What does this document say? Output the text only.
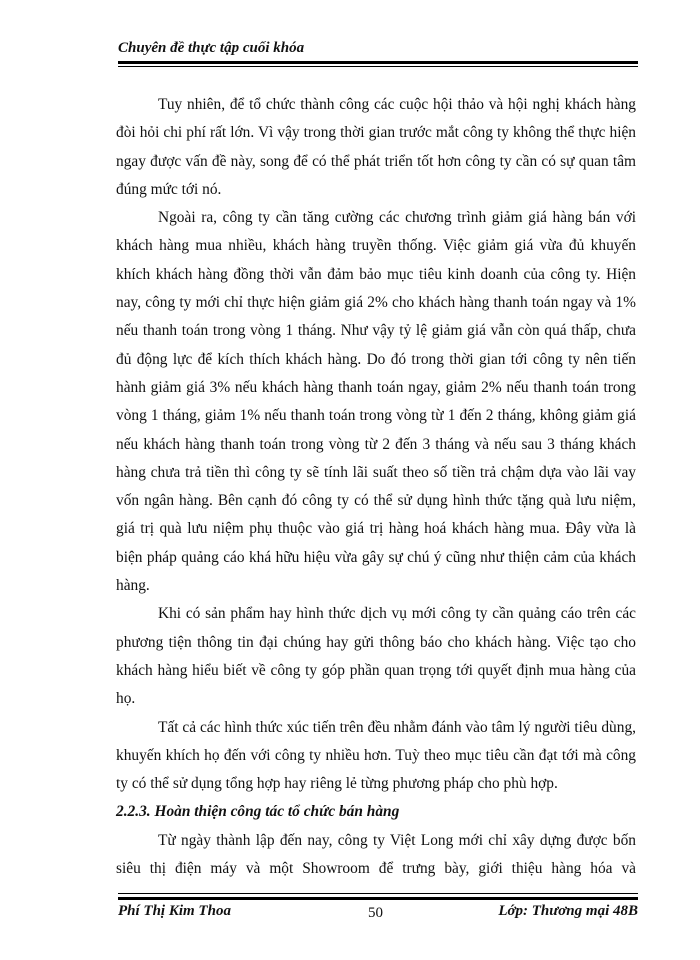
Chuyên đề thực tập cuối khóa

Tuy nhiên, để tổ chức thành công các cuộc hội thảo và hội nghị khách hàng đòi hỏi chi phí rất lớn. Vì vậy trong thời gian trước mắt công ty không thể thực hiện ngay được vấn đề này, song để có thể phát triển tốt hơn công ty cần có sự quan tâm đúng mức tới nó.

Ngoài ra, công ty cần tăng cường các chương trình giảm giá hàng bán với khách hàng mua nhiều, khách hàng truyền thống. Việc giảm giá vừa đủ khuyến khích khách hàng đồng thời vẫn đảm bảo mục tiêu kinh doanh của công ty. Hiện nay, công ty mới chỉ thực hiện giảm giá 2% cho khách hàng thanh toán ngay và 1% nếu thanh toán trong vòng 1 tháng. Như vậy tỷ lệ giảm giá vẫn còn quá thấp, chưa đủ động lực để kích thích khách hàng. Do đó trong thời gian tới công ty nên tiến hành giảm giá 3% nếu khách hàng thanh toán ngay, giảm 2% nếu thanh toán trong vòng 1 tháng, giảm 1% nếu thanh toán trong vòng từ 1 đến 2 tháng, không giảm giá nếu khách hàng thanh toán trong vòng từ 2 đến 3 tháng và nếu sau 3 tháng khách hàng chưa trả tiền thì công ty sẽ tính lãi suất theo số tiền trả chậm dựa vào lãi vay vốn ngân hàng. Bên cạnh đó công ty có thể sử dụng hình thức tặng quà lưu niệm, giá trị quà lưu niệm phụ thuộc vào giá trị hàng hoá khách hàng mua. Đây vừa là biện pháp quảng cáo khá hữu hiệu vừa gây sự chú ý cũng như thiện cảm của khách hàng.

Khi có sản phẩm hay hình thức dịch vụ mới công ty cần quảng cáo trên các phương tiện thông tin đại chúng hay gửi thông báo cho khách hàng. Việc tạo cho khách hàng hiểu biết về công ty góp phần quan trọng tới quyết định mua hàng của họ.

Tất cả các hình thức xúc tiến trên đều nhằm đánh vào tâm lý người tiêu dùng, khuyến khích họ đến với công ty nhiều hơn. Tuỳ theo mục tiêu cần đạt tới mà công ty có thể sử dụng tổng hợp hay riêng lẻ từng phương pháp cho phù hợp.

2.2.3. Hoàn thiện công tác tổ chức bán hàng

Từ ngày thành lập đến nay, công ty Việt Long mới chỉ xây dựng được bốn siêu thị điện máy và một Showroom để trưng bày, giới thiệu hàng hóa và

Phí Thị Kim Thoa	50	Lớp: Thương mại 48B
